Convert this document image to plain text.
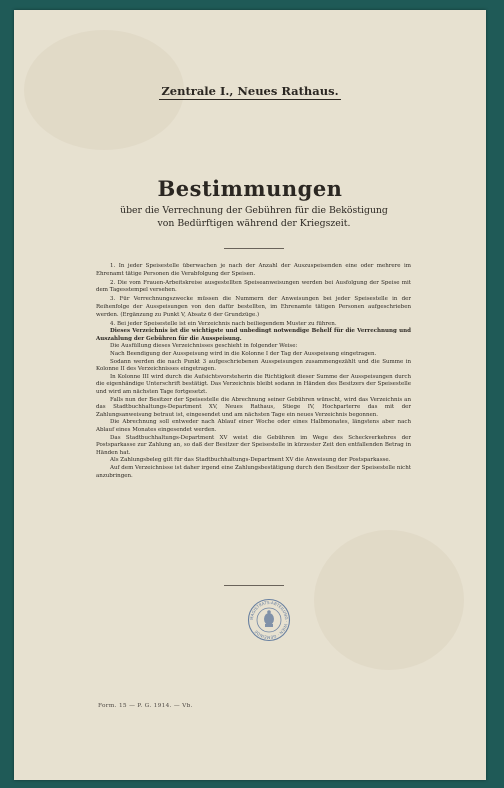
Zentrale I., Neues Rathaus.
Bestimmungen
über die Verrechnung der Gebühren für die Beköstigung von Bedürftigen während der Kriegszeit.

1. In jeder Speisestelle überwachen je nach der Anzahl der Auszuspeisenden eine oder mehrere im Ehrenamt tätige Personen die Verabfolgung der Speisen.

2. Die vom Frauen-Arbeitskreise ausgestellten Speiseanweisungen werden bei Ausfolgung der Speise mit dem Tagesstempel versehen.

3. Für Verrechnungszwecke müssen die Nummern der Anweisungen bei jeder Speisestelle in der Reihenfolge der Ausspeisungen von den dafür bestellten, im Ehrenamte tätigen Personen aufgeschrieben werden. (Ergänzung zu Punkt V, Absatz 6 der Grundzüge.)

4. Bei jeder Speisestelle ist ein Verzeichnis nach beiliegendem Muster zu führen.

Dieses Verzeichnis ist die wichtigste und unbedingt notwendige Behelf für die Verrechnung und Auszahlung der Gebühren für die Ausspeisung.

Die Ausfüllung dieses Verzeichnisses geschieht in folgender Weise:

Nach Beendigung der Ausspeisung wird in die Kolonne I der Tag der Ausspeisung eingetragen.

Sodann werden die nach Punkt 3 aufgeschriebenen Ausspeisungen zusammengezählt und die Summe in Kolonne II des Verzeichnisses eingetragen.

In Kolonne III wird durch die Aufsichtsvorsteherin die Richtigkeit dieser Summe der Ausspeisungen durch die eigenhändige Unterschrift bestätigt. Das Verzeichnis bleibt sodann in Händen des Besitzers der Speisestelle und wird am nächsten Tage fortgesetzt.

Falls nun der Besitzer der Speisestelle die Abrechnung seiner Gebühren wünscht, wird das Verzeichnis an das Stadtbuchhaltungs-Department XV, Neues Rathaus, Stiege IV, Hochparterre das mit der Zahlungsanweisung betraut ist, eingesendet und am nächsten Tage ein neues Verzeichnis begonnen.

Die Abrechnung soll entweder nach Ablauf einer Woche oder eines Halbmonates, längstens aber nach Ablauf eines Monates eingesendet werden.

Das Stadtbuchhaltungs-Department XV weist die Gebühren im Wege des Scheckverkehres der Postsparkasse zur Zahlung an, so daß der Besitzer der Speisestelle in kürzester Zeit den entfallenden Betrag in Händen hat.

Als Zahlungsbeleg gilt für das Stadtbuchhaltungs-Department XV die Anweisung der Postsparkasse.

Auf dem Verzeichnisse ist daher irgend eine Zahlungsbestätigung durch den Besitzer der Speisestelle nicht anzubringen.

MAGISTRATS-ABTEILUNG · WIEN · GEMEINDE
Form. 15 — P. G. 1914. — Vb.
